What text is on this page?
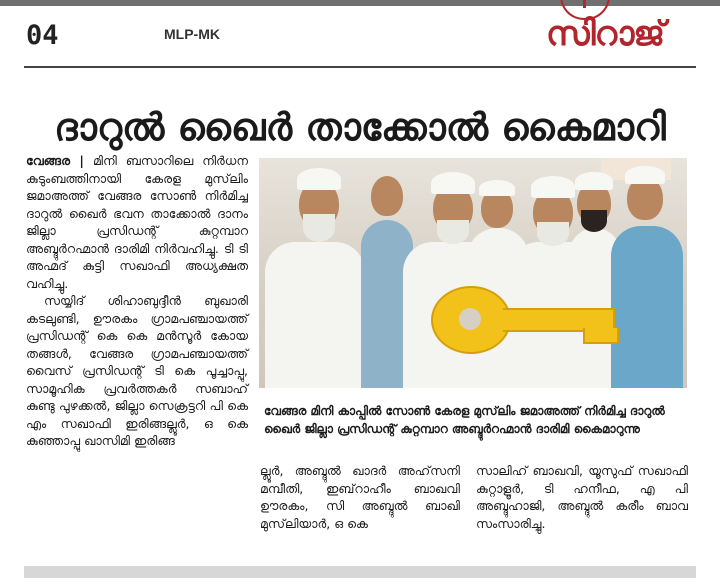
04	MLP-MK	സിറാജ്
ദാറുല്‍ ഖൈര്‍ താക്കോല്‍ കൈമാറി

വേങ്ങര | മിനി ബസാറിലെ നിര്‍ധന കുടുംബത്തിനായി കേരള മുസ്‌ലിം ജമാഅത്ത് വേങ്ങര സോണ്‍ നിര്‍മിച്ച ദാറുല്‍ ഖൈര്‍ ഭവന താക്കോല്‍ ദാനം ജില്ലാ പ്രസിഡന്റ് കുറ്റമ്പാറ അബ്ദുര്‍റഹ്മാന്‍ ദാരിമി നിര്‍വഹിച്ചു. ടി ടി അഹ്മദ് കുട്ടി സഖാഫി അധ്യക്ഷത വഹിച്ചു.

സയ്യിദ് ശിഹാബുദ്ദീന്‍ ബുഖാരി കടലുണ്ടി, ഊരകം ഗ്രാമപഞ്ചായത്ത് പ്രസിഡന്റ് കെ കെ മന്‍സൂര്‍ കോയ തങ്ങള്‍, വേങ്ങര ഗ്രാമപഞ്ചായത്ത് വൈസ് പ്രസിഡന്റ് ടി കെ പൂച്ചാപ്പു, സാമൂഹിക പ്രവര്‍ത്തകര്‍ സബാഹ് കുണ്ടു പുഴക്കല്‍, ജില്ലാ സെക്രട്ടറി പി കെ എം സഖാഫി ഇരിങ്ങല്ലൂര്‍, ഒ കെ കുഞ്ഞാപ്പു ഖാസിമി ഇരിങ്ങ

വേങ്ങര മിനി കാപ്പില്‍ സോണ്‍ കേരള മുസ്‌ലിം ജമാഅത്ത് നിര്‍മിച്ച ദാറുല്‍ ഖൈര്‍ ജില്ലാ പ്രസിഡന്റ് കുറ്റമ്പാറ അബ്ദുര്‍റഹ്മാന്‍ ദാരിമി കൈമാറുന്നു

ല്ലൂര്‍, അബ്ദുല്‍ ഖാദര്‍ അഹ്‌സനി മമ്പീതി, ഇബ്‌റാഹീം ബാഖവി ഊരകം, സി അബ്ദുല്‍ ബാഖി മുസ്‌ലിയാര്‍, ഒ കെ

സാലിഹ് ബാഖവി, യൂസുഫ് സഖാഫി കുറ്റാളൂര്‍, ടി ഹനീഫ, എ പി അബ്ദുഹാജി, അബ്ദുല്‍ കരീം ബാവ സംസാരിച്ചു.
